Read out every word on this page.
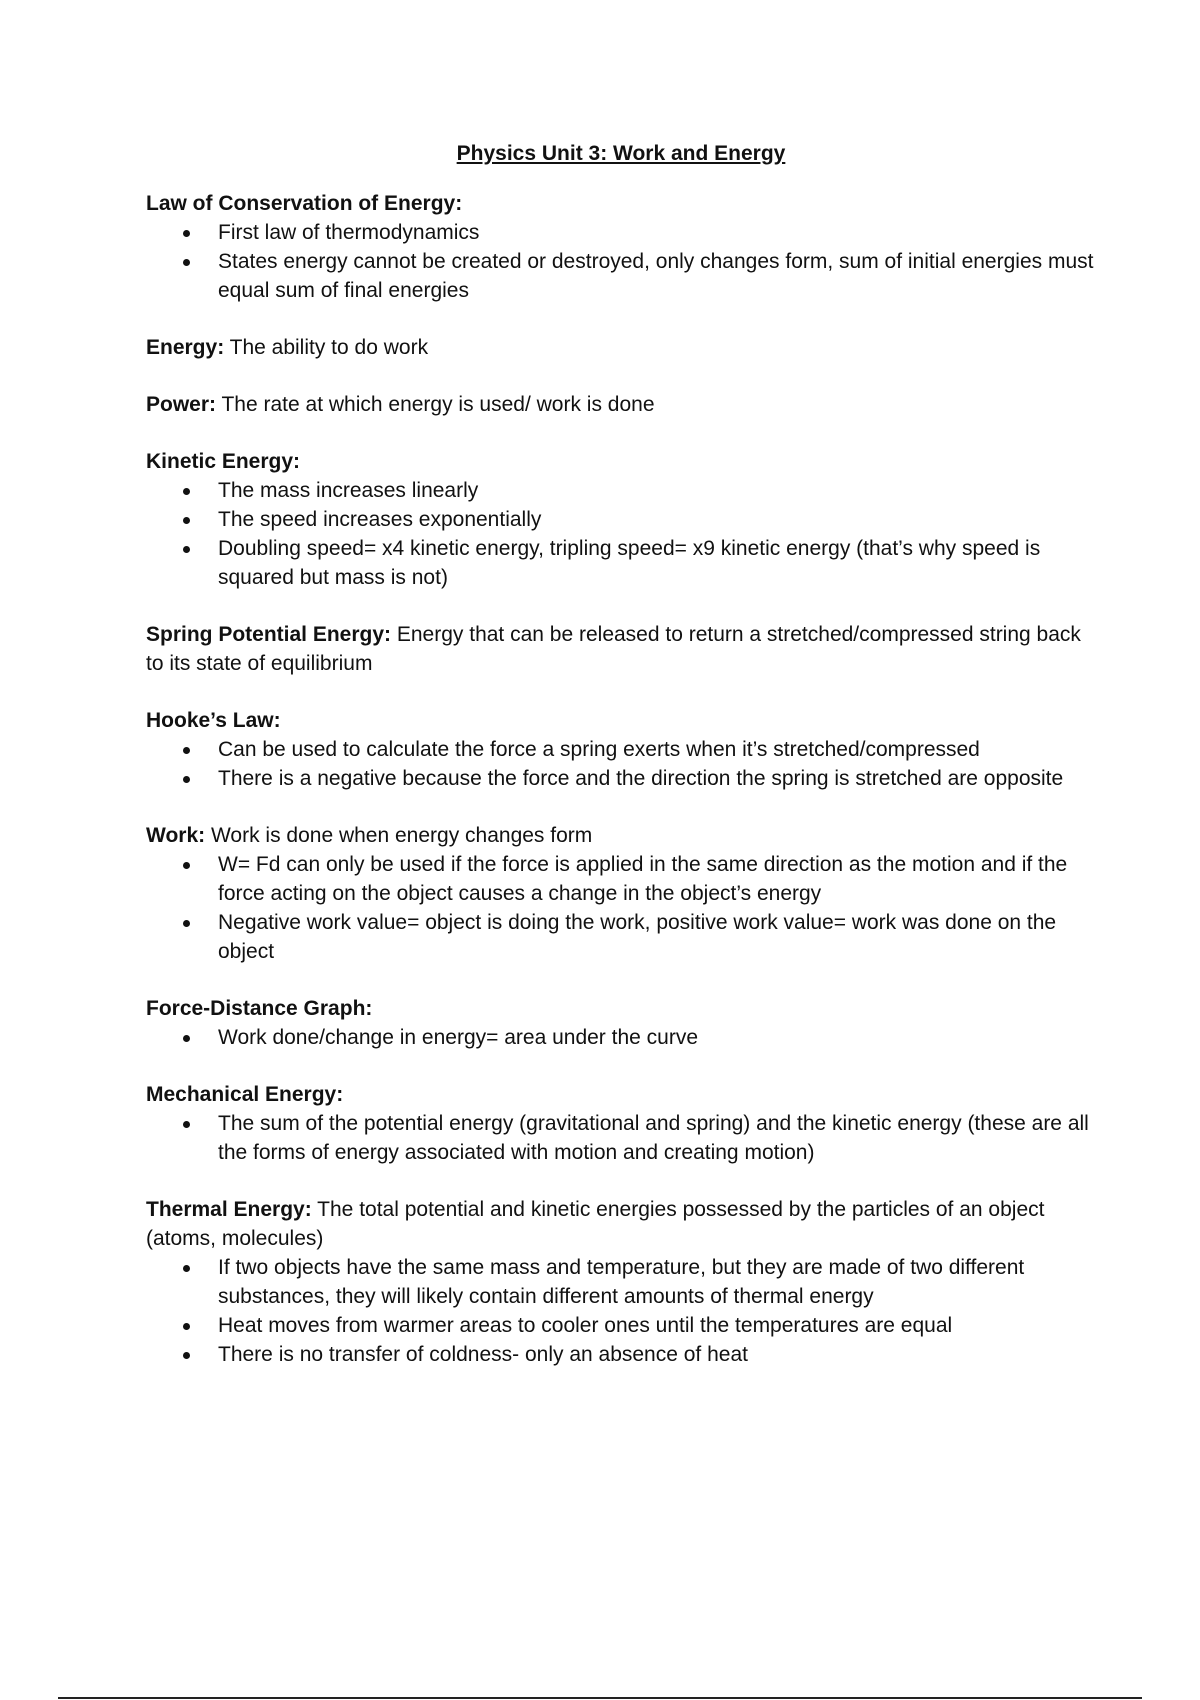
Physics Unit 3: Work and Energy

Law of Conservation of Energy:

First law of thermodynamics
States energy cannot be created or destroyed, only changes form, sum of initial energies must equal sum of final energies

Energy: The ability to do work

Power: The rate at which energy is used/ work is done

Kinetic Energy:

The mass increases linearly
The speed increases exponentially
Doubling speed= x4 kinetic energy, tripling speed= x9 kinetic energy (that’s why speed is squared but mass is not)

Spring Potential Energy: Energy that can be released to return a stretched/compressed string back to its state of equilibrium

Hooke’s Law:

Can be used to calculate the force a spring exerts when it’s stretched/compressed
There is a negative because the force and the direction the spring is stretched are opposite

Work: Work is done when energy changes form

W= Fd can only be used if the force is applied in the same direction as the motion and if the force acting on the object causes a change in the object’s energy
Negative work value= object is doing the work, positive work value= work was done on the object

Force-Distance Graph:

Work done/change in energy= area under the curve

Mechanical Energy:

The sum of the potential energy (gravitational and spring) and the kinetic energy (these are all the forms of energy associated with motion and creating motion)

Thermal Energy: The total potential and kinetic energies possessed by the particles of an object (atoms, molecules)

If two objects have the same mass and temperature, but they are made of two different substances, they will likely contain different amounts of thermal energy
Heat moves from warmer areas to cooler ones until the temperatures are equal
There is no transfer of coldness- only an absence of heat
